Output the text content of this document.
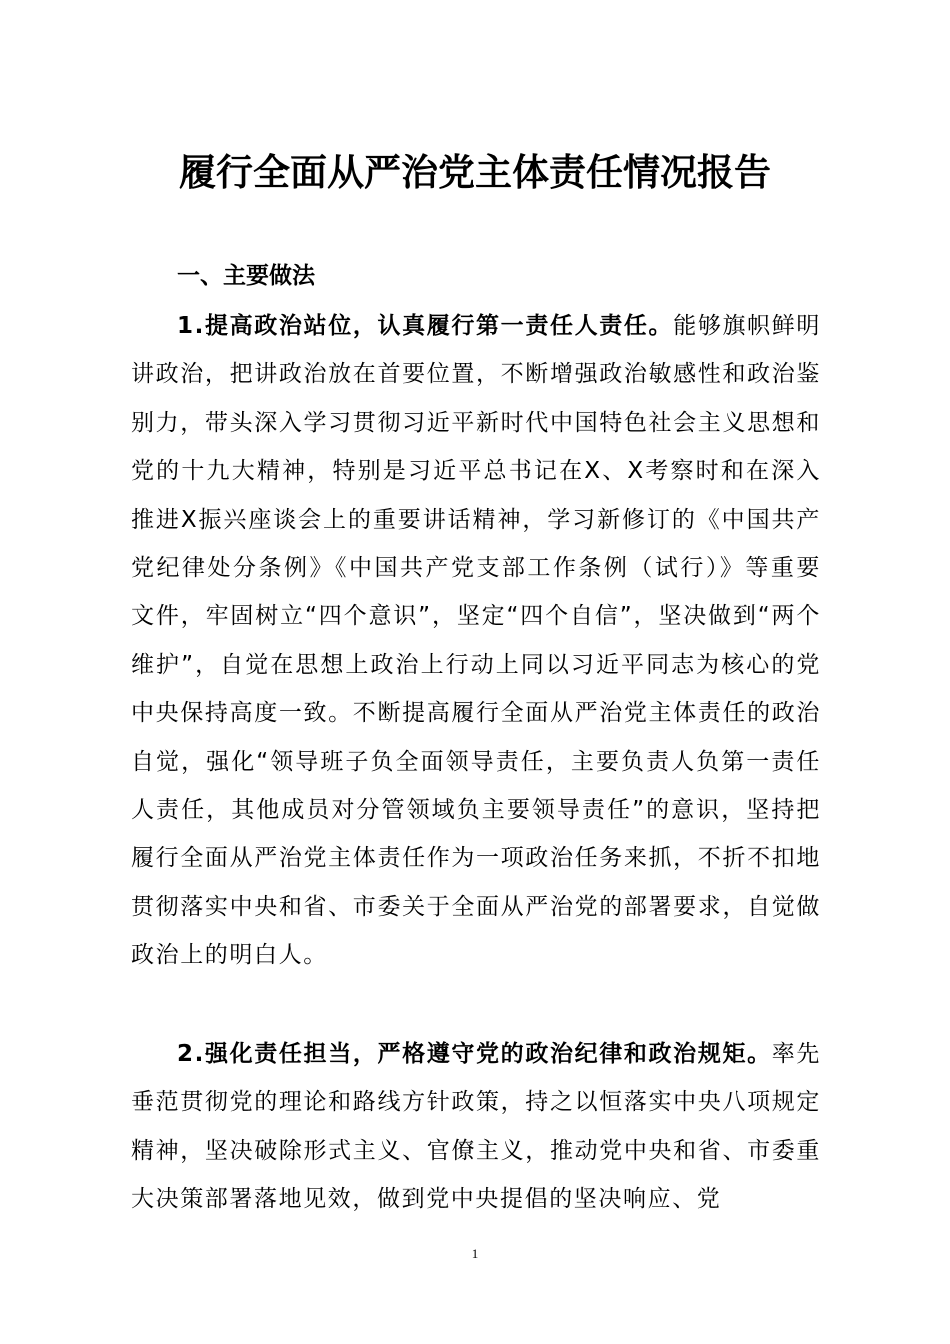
履行全面从严治党主体责任情况报告
一、主要做法
1.提高政治站位，认真履行第一责任人责任。能够旗帜鲜明讲政治，把讲政治放在首要位置，不断增强政治敏感性和政治鉴别力，带头深入学习贯彻习近平新时代中国特色社会主义思想和党的十九大精神，特别是习近平总书记在X、X考察时和在深入推进X振兴座谈会上的重要讲话精神，学习新修订的《中国共产党纪律处分条例》《中国共产党支部工作条例（试行）》等重要文件，牢固树立“四个意识”，坚定“四个自信”，坚决做到“两个维护”，自觉在思想上政治上行动上同以习近平同志为核心的党中央保持高度一致。不断提高履行全面从严治党主体责任的政治自觉，强化“领导班子负全面领导责任，主要负责人负第一责任人责任，其他成员对分管领域负主要领导责任”的意识，坚持把履行全面从严治党主体责任作为一项政治任务来抓，不折不扣地贯彻落实中央和省、市委关于全面从严治党的部署要求，自觉做政治上的明白人。
2.强化责任担当，严格遵守党的政治纪律和政治规矩。率先垂范贯彻党的理论和路线方针政策，持之以恒落实中央八项规定精神，坚决破除形式主义、官僚主义，推动党中央和省、市委重大决策部署落地见效，做到党中央提倡的坚决响应、党
1
